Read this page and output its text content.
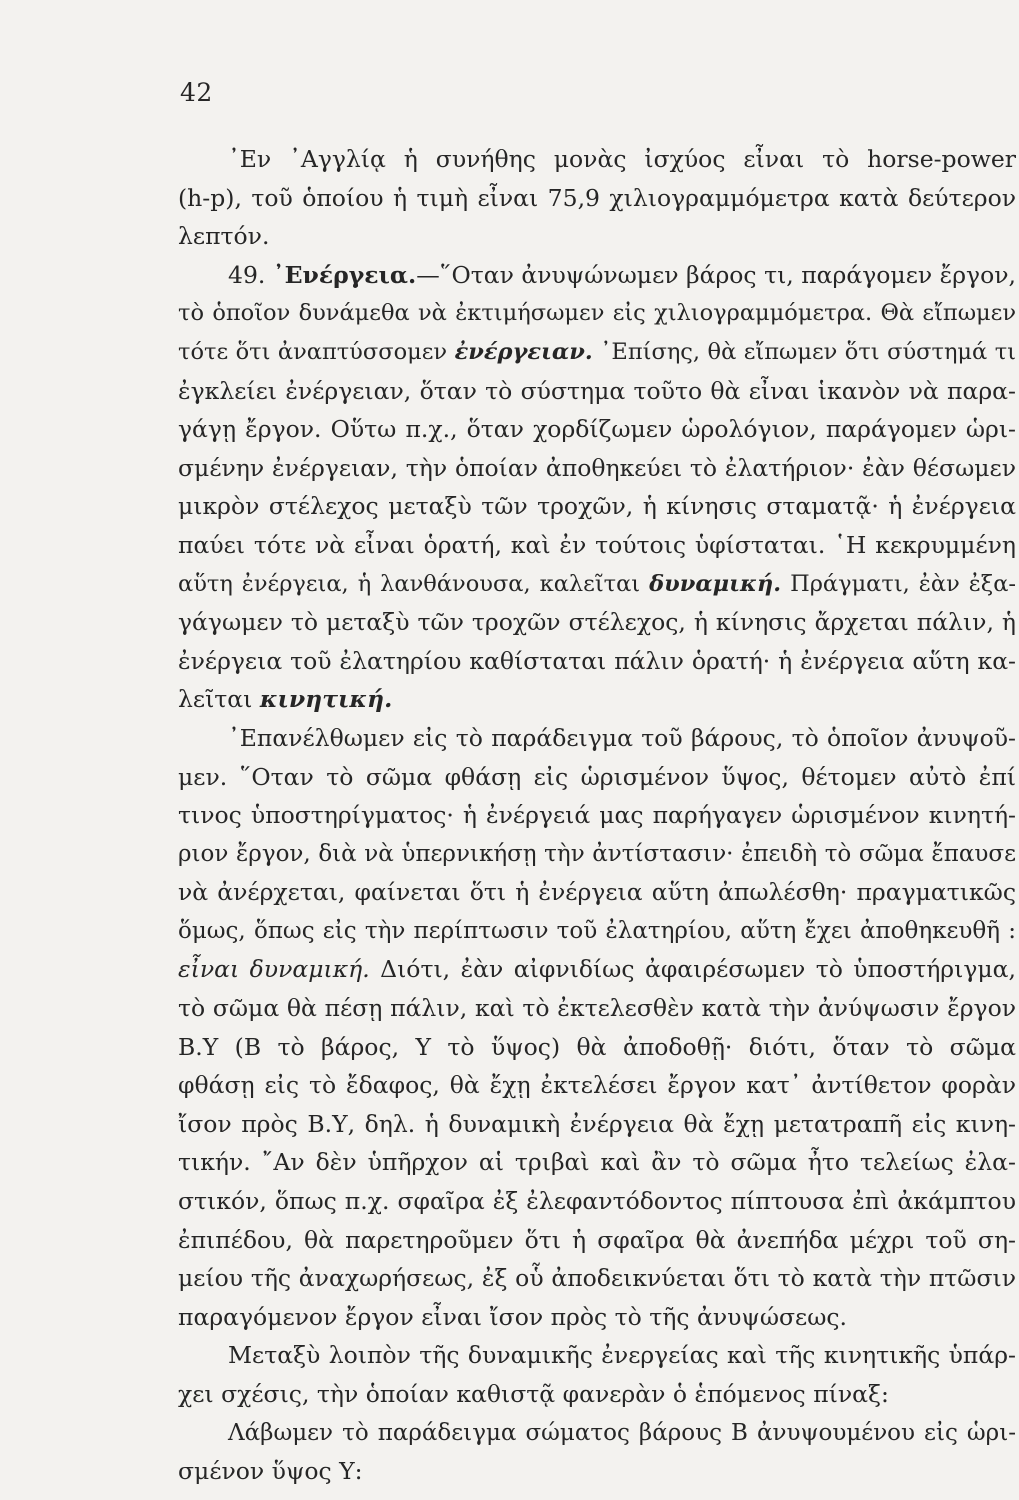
42
᾿Εν ᾿Αγγλίᾳ ἡ συνήθης μονὰς ἰσχύος εἶναι τὸ horse-power
(h-p), τοῦ ὁποίου ἡ τιμὴ εἶναι 75,9 χιλιογραμμόμετρα κατὰ δεύτερον
λεπτόν.
49. ᾿Ενέργεια.—῞Οταν ἀνυψώνωμεν βάρος τι, παράγομεν ἔργον,
τὸ ὁποῖον δυνάμεθα νὰ ἐκτιμήσωμεν εἰς χιλιογραμμόμετρα. Θὰ εἴπωμεν
τότε ὅτι ἀναπτύσσομεν ἐνέργειαν. ᾿Επίσης, θὰ εἴπωμεν ὅτι σύστημά τι
ἐγκλείει ἐνέργειαν, ὅταν τὸ σύστημα τοῦτο θὰ εἶναι ἱκανὸν νὰ παρα-
γάγῃ ἔργον. Οὕτω π.χ., ὅταν χορδίζωμεν ὡρολόγιον, παράγομεν ὡρι-
σμένην ἐνέργειαν, τὴν ὁποίαν ἀποθηκεύει τὸ ἐλατήριον· ἐὰν θέσωμεν
μικρὸν στέλεχος μεταξὺ τῶν τροχῶν, ἡ κίνησις σταματᾷ· ἡ ἐνέργεια
παύει τότε νὰ εἶναι ὁρατή, καὶ ἐν τούτοις ὑφίσταται. ῾Η κεκρυμμένη
αὕτη ἐνέργεια, ἡ λανθάνουσα, καλεῖται δυναμική. Πράγματι, ἐὰν ἐξα-
γάγωμεν τὸ μεταξὺ τῶν τροχῶν στέλεχος, ἡ κίνησις ἄρχεται πάλιν, ἡ
ἐνέργεια τοῦ ἐλατηρίου καθίσταται πάλιν ὁρατή· ἡ ἐνέργεια αὕτη κα-
λεῖται κινητική.
᾿Επανέλθωμεν εἰς τὸ παράδειγμα τοῦ βάρους, τὸ ὁποῖον ἀνυψοῦ-
μεν. ῞Οταν τὸ σῶμα φθάσῃ εἰς ὡρισμένον ὕψος, θέτομεν αὐτὸ ἐπί
τινος ὑποστηρίγματος· ἡ ἐνέργειά μας παρήγαγεν ὡρισμένον κινητή-
ριον ἔργον, διὰ νὰ ὑπερνικήσῃ τὴν ἀντίστασιν· ἐπειδὴ τὸ σῶμα ἔπαυσε
νὰ ἀνέρχεται, φαίνεται ὅτι ἡ ἐνέργεια αὕτη ἀπωλέσθη· πραγματικῶς
ὅμως, ὅπως εἰς τὴν περίπτωσιν τοῦ ἐλατηρίου, αὕτη ἔχει ἀποθηκευθῆ :
εἶναι δυναμική. Διότι, ἐὰν αἰφνιδίως ἀφαιρέσωμεν τὸ ὑποστήριγμα,
τὸ σῶμα θὰ πέσῃ πάλιν, καὶ τὸ ἐκτελεσθὲν κατὰ τὴν ἀνύψωσιν ἔργον
Β.Υ (Β τὸ βάρος, Υ τὸ ὕψος) θὰ ἀποδοθῇ· διότι, ὅταν τὸ σῶμα
φθάσῃ εἰς τὸ ἔδαφος, θὰ ἔχῃ ἐκτελέσει ἔργον κατ᾿ ἀντίθετον φορὰν
ἴσον πρὸς Β.Υ, δηλ. ἡ δυναμικὴ ἐνέργεια θὰ ἔχῃ μετατραπῆ εἰς κινη-
τικήν. ῎Αν δὲν ὑπῆρχον αἱ τριβαὶ καὶ ἂν τὸ σῶμα ἦτο τελείως ἐλα-
στικόν, ὅπως π.χ. σφαῖρα ἐξ ἐλεφαντόδοντος πίπτουσα ἐπὶ ἀκάμπτου
ἐπιπέδου, θὰ παρετηροῦμεν ὅτι ἡ σφαῖρα θὰ ἀνεπήδα μέχρι τοῦ ση-
μείου τῆς ἀναχωρήσεως, ἐξ οὗ ἀποδεικνύεται ὅτι τὸ κατὰ τὴν πτῶσιν
παραγόμενον ἔργον εἶναι ἴσον πρὸς τὸ τῆς ἀνυψώσεως.
Μεταξὺ λοιπὸν τῆς δυναμικῆς ἐνεργείας καὶ τῆς κινητικῆς ὑπάρ-
χει σχέσις, τὴν ὁποίαν καθιστᾷ φανερὰν ὁ ἑπόμενος πίναξ:
Λάβωμεν τὸ παράδειγμα σώματος βάρους Β ἀνυψουμένου εἰς ὡρι-
σμένον ὕψος Υ:
